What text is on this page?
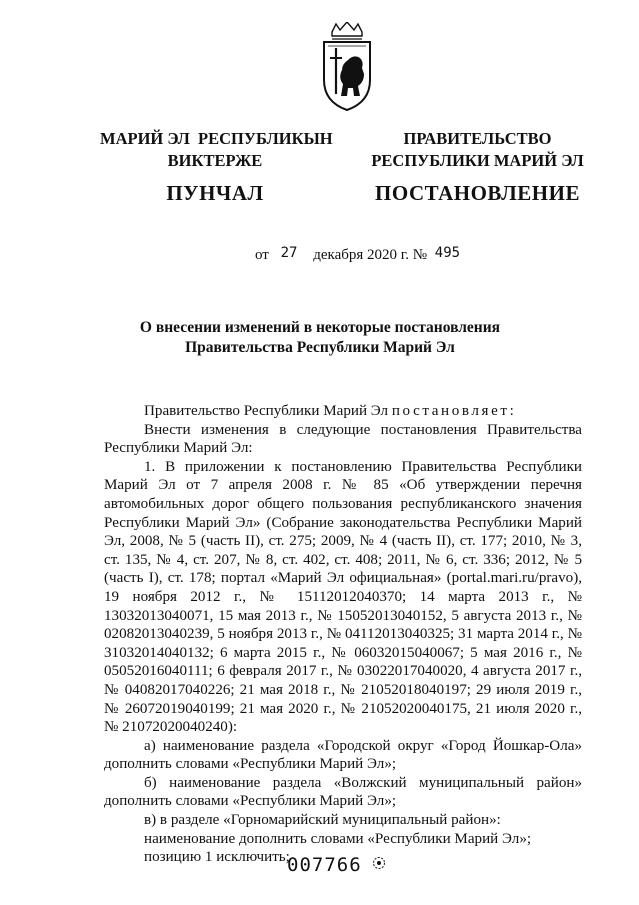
МАРИЙ ЭЛ  РЕСПУБЛИКЫН
ВИКТЕРЖЕ
ПУНЧАЛ
ПРАВИТЕЛЬСТВО
РЕСПУБЛИКИ МАРИЙ ЭЛ
ПОСТАНОВЛЕНИЕ
от 27 декабря 2020 г. № 495
О внесении изменений в некоторые постановления
Правительства Республики Марий Эл

Правительство Республики Марий Эл постановляет:

Внести изменения в следующие постановления Правительства Республики Марий Эл:

1. В приложении к постановлению Правительства Республики Марий Эл от 7 апреля 2008 г. № 85 «Об утверждении перечня автомобильных дорог общего пользования республиканского значения Республики Марий Эл» (Собрание законодательства Республики Марий Эл, 2008, № 5 (часть II), ст. 275; 2009, № 4 (часть II), ст. 177; 2010, № 3, ст. 135, № 4, ст. 207, № 8, ст. 402, ст. 408; 2011, № 6, ст. 336; 2012, № 5 (часть I), ст. 178; портал «Марий Эл официальная» (portal.mari.ru/pravo), 19 ноября 2012 г., № 15112012040370; 14 марта 2013 г., № 13032013040071, 15 мая 2013 г., № 15052013040152, 5 августа 2013 г., № 02082013040239, 5 ноября 2013 г., № 04112013040325; 31 марта 2014 г., № 31032014040132; 6 марта 2015 г., № 06032015040067; 5 мая 2016 г., № 05052016040111; 6 февраля 2017 г., № 03022017040020, 4 августа 2017 г., № 04082017040226; 21 мая 2018 г., № 21052018040197; 29 июля 2019 г., № 26072019040199; 21 мая 2020 г., № 21052020040175, 21 июля 2020 г., № 21072020040240):

а) наименование раздела «Городской округ «Город Йошкар-Ола» дополнить словами «Республики Марий Эл»;

б) наименование раздела «Волжский муниципальный район» дополнить словами «Республики Марий Эл»;

в) в разделе «Горномарийский муниципальный район»:

наименование дополнить словами «Республики Марий Эл»;

позицию 1 исключить;

007766
